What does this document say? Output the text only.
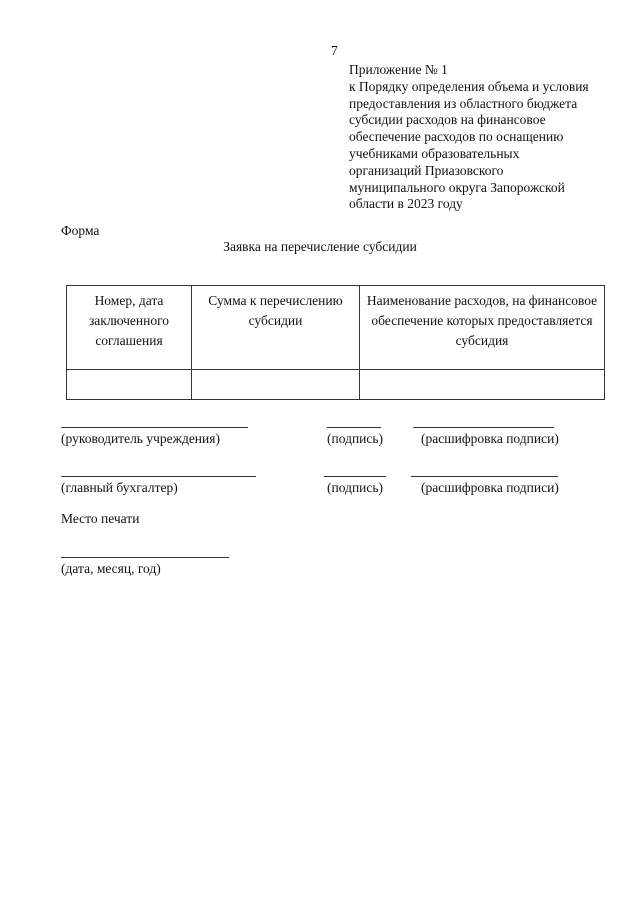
7
Приложение № 1
к Порядку определения объема и условия
предоставления из областного бюджета
субсидии расходов на финансовое
обеспечение расходов по оснащению
учебниками образовательных
организаций Приазовского
муниципального округа Запорожской
области в 2023 году
Форма
Заявка на перечисление субсидии
Номер, дата заключенного соглашения	Сумма к перечислению субсидии	Наименование расходов, на финансовое обеспечение которых предоставляется субсидия

(руководитель учреждения)	(подпись)	(расшифровка подписи)
(главный бухгалтер)	(подпись)	(расшифровка подписи)
Место печати
(дата, месяц, год)
